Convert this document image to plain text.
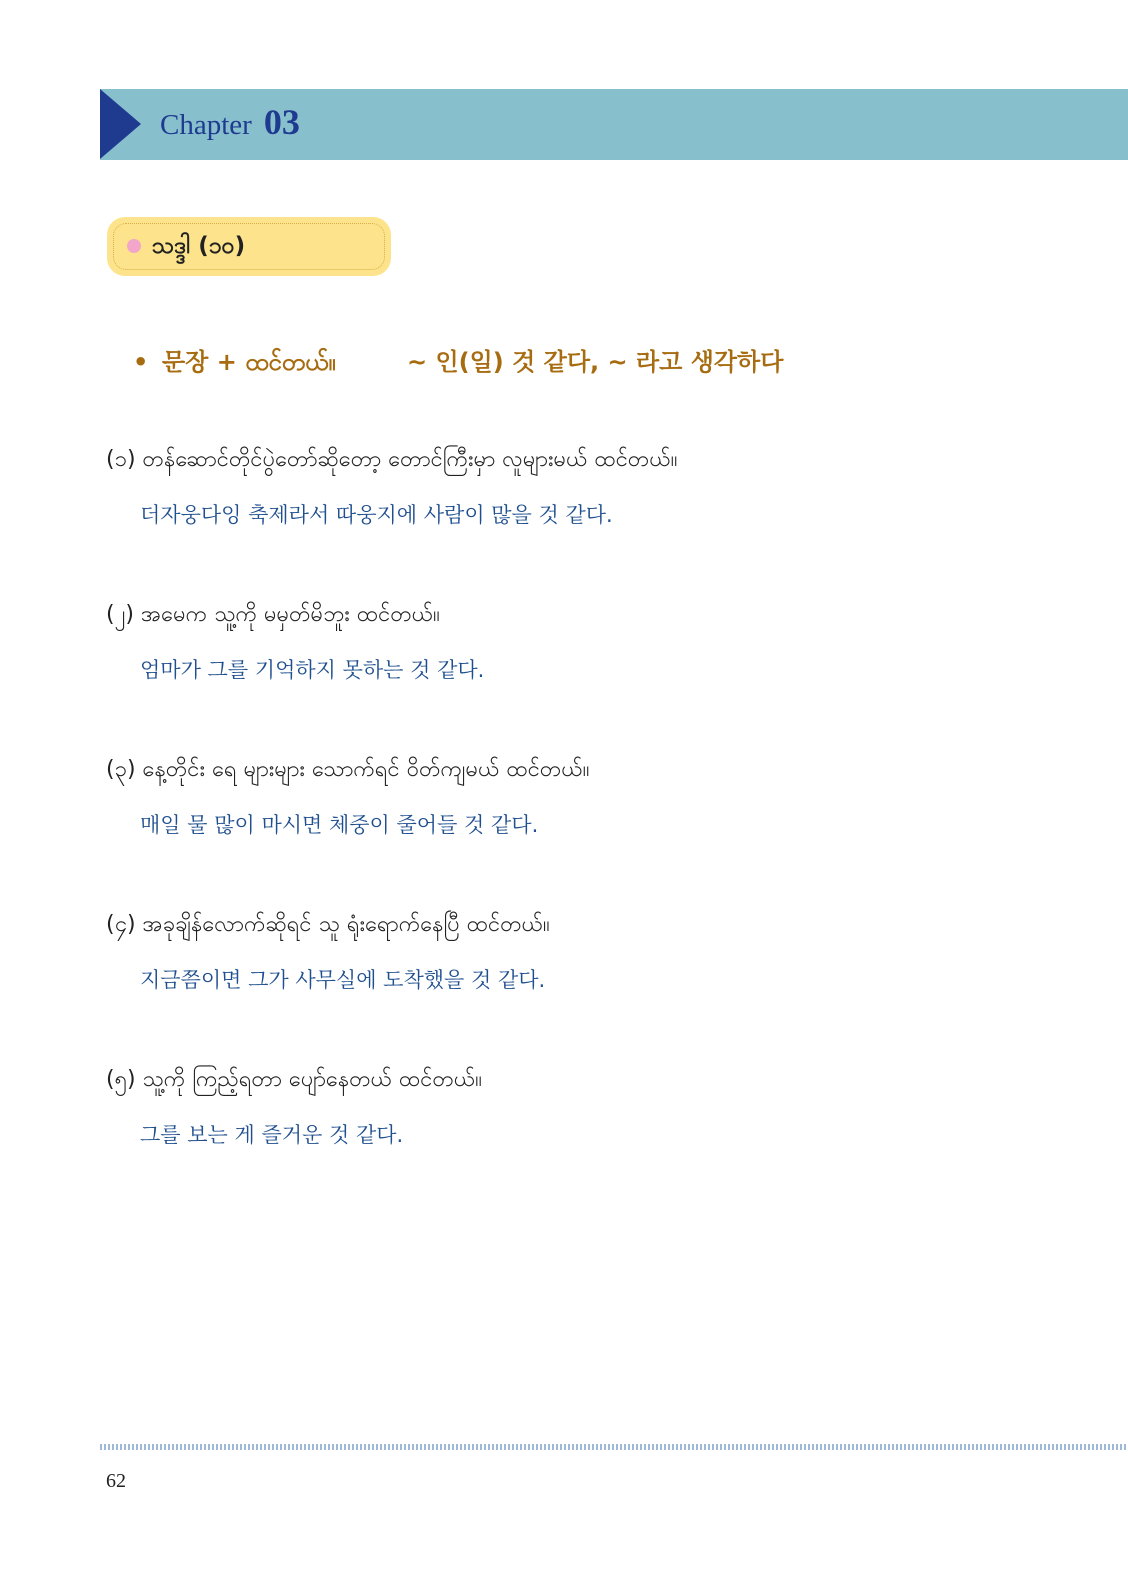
Chapter 03
သဒ္ဒါ (၁၀)
• 문장 + ထင်တယ်။	~ 인(일) 것 같다, ~ 라고 생각하다
(၁) တန်ဆောင်တိုင်ပွဲတော်ဆိုတော့ တောင်ကြီးမှာ လူများမယ် ထင်တယ်။
더자웅다잉 축제라서 따웅지에 사람이 많을 것 같다.
(၂) အမေက သူ့ကို မမှတ်မိဘူး ထင်တယ်။
엄마가 그를 기억하지 못하는 것 같다.
(၃) နေ့တိုင်း ရေ များများ သောက်ရင် ဝိတ်ကျမယ် ထင်တယ်။
매일 물 많이 마시면 체중이 줄어들 것 같다.
(၄) အခုချိန်လောက်ဆိုရင် သူ ရုံးရောက်နေပြီ ထင်တယ်။
지금쯤이면 그가 사무실에 도착했을 것 같다.
(၅) သူ့ကို ကြည့်ရတာ ပျော်နေတယ် ထင်တယ်။
그를 보는 게 즐거운 것 같다.
62
